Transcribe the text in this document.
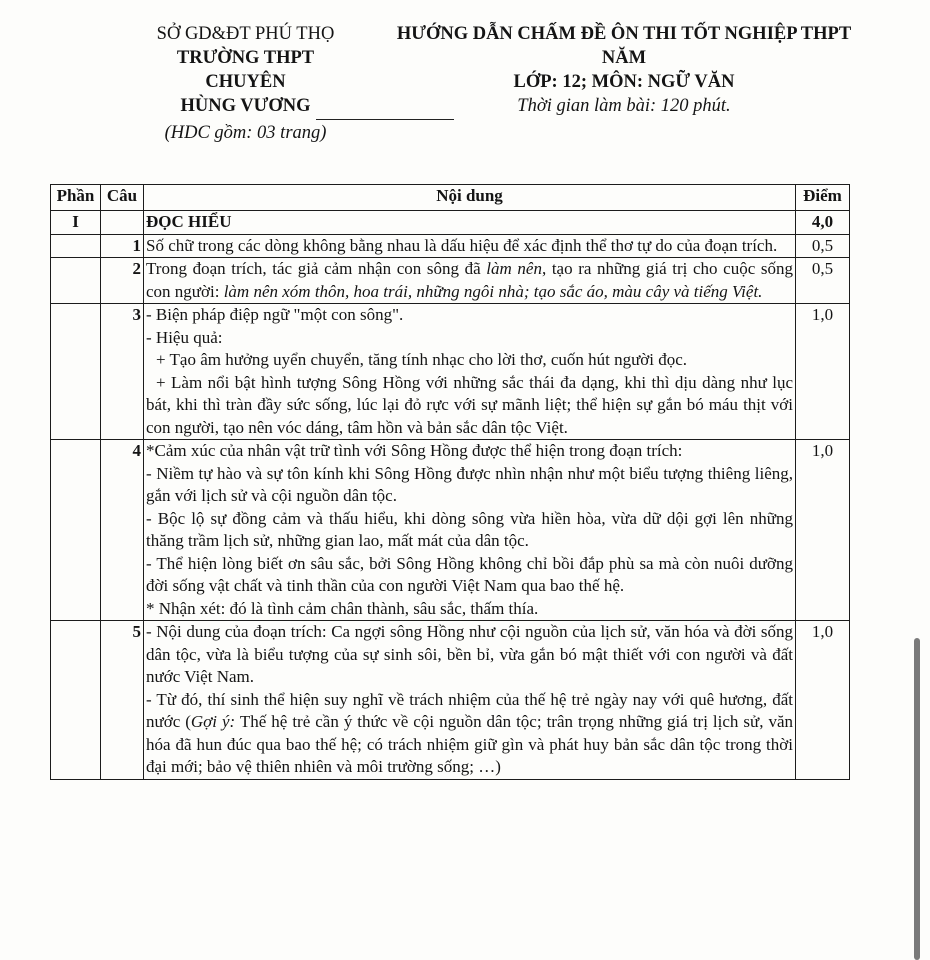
SỞ GD&ĐT PHÚ THỌ
TRƯỜNG THPT
CHUYÊN
HÙNG VƯƠNG
(HDC gồm: 03 trang)
HƯỚNG DẪN CHẤM ĐỀ ÔN THI TỐT NGHIỆP THPT
NĂM
LỚP: 12; MÔN: NGỮ VĂN
Thời gian làm bài: 120 phút.
Phần	Câu	Nội dung	Điểm
I		ĐỌC HIỂU	4,0
	1	Số chữ trong các dòng không bằng nhau là dấu hiệu để xác định thể thơ tự do của đoạn trích.	0,5
	2	Trong đoạn trích, tác giả cảm nhận con sông đã làm nên, tạo ra những giá trị cho cuộc sống con người: làm nên xóm thôn, hoa trái, những ngôi nhà; tạo sắc áo, màu cây và tiếng Việt.	0,5
	3	- Biện pháp điệp ngữ "một con sông".
- Hiệu quả:
+ Tạo âm hưởng uyển chuyển, tăng tính nhạc cho lời thơ, cuốn hút người đọc.
+ Làm nổi bật hình tượng Sông Hồng với những sắc thái đa dạng, khi thì dịu dàng như lục bát, khi thì tràn đầy sức sống, lúc lại đỏ rực với sự mãnh liệt; thể hiện sự gắn bó máu thịt với con người, tạo nên vóc dáng, tâm hồn và bản sắc dân tộc Việt.	1,0
	4	*Cảm xúc của nhân vật trữ tình với Sông Hồng được thể hiện trong đoạn trích:
- Niềm tự hào và sự tôn kính khi Sông Hồng được nhìn nhận như một biểu tượng thiêng liêng, gắn với lịch sử và cội nguồn dân tộc.
- Bộc lộ sự đồng cảm và thấu hiểu, khi dòng sông vừa hiền hòa, vừa dữ dội gợi lên những thăng trầm lịch sử, những gian lao, mất mát của dân tộc.
- Thể hiện lòng biết ơn sâu sắc, bởi Sông Hồng không chỉ bồi đắp phù sa mà còn nuôi dưỡng đời sống vật chất và tinh thần của con người Việt Nam qua bao thế hệ.
* Nhận xét: đó là tình cảm chân thành, sâu sắc, thấm thía.	1,0
	5	- Nội dung của đoạn trích: Ca ngợi sông Hồng như cội nguồn của lịch sử, văn hóa và đời sống dân tộc, vừa là biểu tượng của sự sinh sôi, bền bỉ, vừa gắn bó mật thiết với con người và đất nước Việt Nam.
- Từ đó, thí sinh thể hiện suy nghĩ về trách nhiệm của thế hệ trẻ ngày nay với quê hương, đất nước (Gợi ý: Thế hệ trẻ cần ý thức về cội nguồn dân tộc; trân trọng những giá trị lịch sử, văn hóa đã hun đúc qua bao thế hệ; có trách nhiệm giữ gìn và phát huy bản sắc dân tộc trong thời đại mới; bảo vệ thiên nhiên và môi trường sống; …)	1,0
